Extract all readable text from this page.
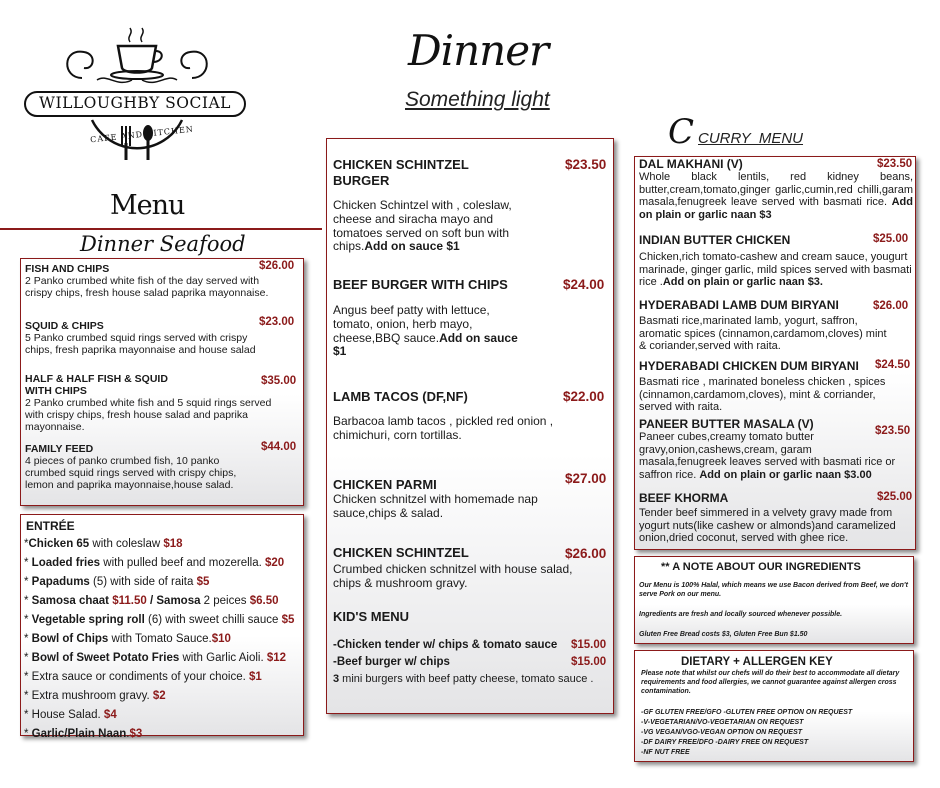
WILLOUGHBY SOCIAL
CAFE AND KITCHEN
Menu
Dinner
Something light
Dinner Seafood
FISH AND CHIPS	$26.00
2 Panko crumbed white fish of the day served with crispy chips, fresh house salad paprika mayonnaise.
SQUID & CHIPS	$23.00
5 Panko crumbed squid rings served with crispy chips, fresh paprika mayonnaise and house salad
HALF & HALF FISH & SQUID WITH CHIPS
$35.00
2 Panko crumbed white fish and 5 squid rings served with crispy chips, fresh house salad and paprika mayonnaise.
FAMILY FEED	$44.00
4 pieces of panko crumbed fish, 10 panko crumbed squid rings served with crispy chips, lemon and paprika mayonnaise,house salad.
ENTRÉE
*Chicken 65 with coleslaw $18
* Loaded fries with pulled beef and mozerella. $20
* Papadums (5) with side of raita $5
* Samosa chaat $11.50 / Samosa 2 peices $6.50
* Vegetable spring roll (6) with sweet chilli sauce $5
* Bowl of Chips with Tomato Sauce.$10
* Bowl of Sweet Potato Fries with Garlic Aioli. $12
* Extra sauce or condiments of your choice. $1
* Extra mushroom gravy. $2
* House Salad. $4
* Garlic/Plain Naan.$3
CHICKEN SCHINTZEL BURGER
$23.50
Chicken Schintzel with , coleslaw, cheese and siracha mayo and tomatoes served on soft bun with chips.Add on sauce $1
BEEF BURGER WITH CHIPS	$24.00
Angus beef patty with lettuce, tomato, onion, herb mayo, cheese,BBQ sauce.Add on sauce $1
LAMB TACOS (DF,NF)	$22.00
Barbacoa lamb tacos , pickled red onion , chimichuri, corn tortillas.
CHICKEN PARMI	$27.00
Chicken schnitzel with homemade nap sauce,chips & salad.
CHICKEN SCHINTZEL	$26.00
Crumbed chicken schnitzel with house salad, chips & mushroom gravy.
KID'S MENU
-Chicken tender w/ chips & tomato sauce $15.00
-Beef burger w/ chips	$15.00
3 mini burgers with beef patty cheese, tomato sauce .
C CURRY  MENU
DAL MAKHANI (V)	$23.50
Whole black lentils, red kidney beans, butter,cream,tomato,ginger garlic,cumin,red chilli,garam masala,fenugreek leave served with basmati rice. Add on plain or garlic naan $3
INDIAN BUTTER CHICKEN	$25.00
Chicken,rich tomato-cashew and cream sauce, yougurt marinade, ginger garlic, mild spices served with basmati rice .Add on plain or garlic naan $3.
HYDERABADI LAMB DUM BIRYANI	$26.00
Basmati rice,marinated lamb, yogurt, saffron, aromatic spices (cinnamon,cardamom,cloves) mint & coriander,served with raita.
HYDERABADI CHICKEN DUM BIRYANI	$24.50
Basmati rice , marinated boneless chicken , spices (cinnamon,cardamom,cloves), mint & corriander, served with raita.
PANEER BUTTER MASALA (V)	$23.50
Paneer cubes,creamy tomato butter gravy,onion,cashews,cream, garam masala,fenugreek leaves served with basmati rice or saffron rice. Add on plain or garlic naan $3.00
BEEF KHORMA	$25.00
Tender beef simmered in a velvety gravy made from yogurt nuts(like cashew or almonds)and caramelized onion,dried coconut, served with ghee rice.
** A NOTE ABOUT OUR INGREDIENTS
Our Menu is 100% Halal, which means we use Bacon derived from Beef, we don't serve Pork on our menu.
Ingredients are fresh and locally sourced whenever possible.
Gluten Free Bread costs $3, Gluten Free Bun $1.50
DIETARY + ALLERGEN KEY
Please note that whilst our chefs will do their best to accommodate all dietary requirements and food allergies, we cannot guarantee against allergen cross contamination.
-GF GLUTEN FREE/GFO -GLUTEN FREE OPTION ON REQUEST
-V-VEGETARIAN/VO-VEGETARIAN ON REQUEST
-VG VEGAN/VGO-VEGAN OPTION ON REQUEST
-DF DAIRY FREE/DFO -DAIRY FREE ON REQUEST
-NF NUT FREE
